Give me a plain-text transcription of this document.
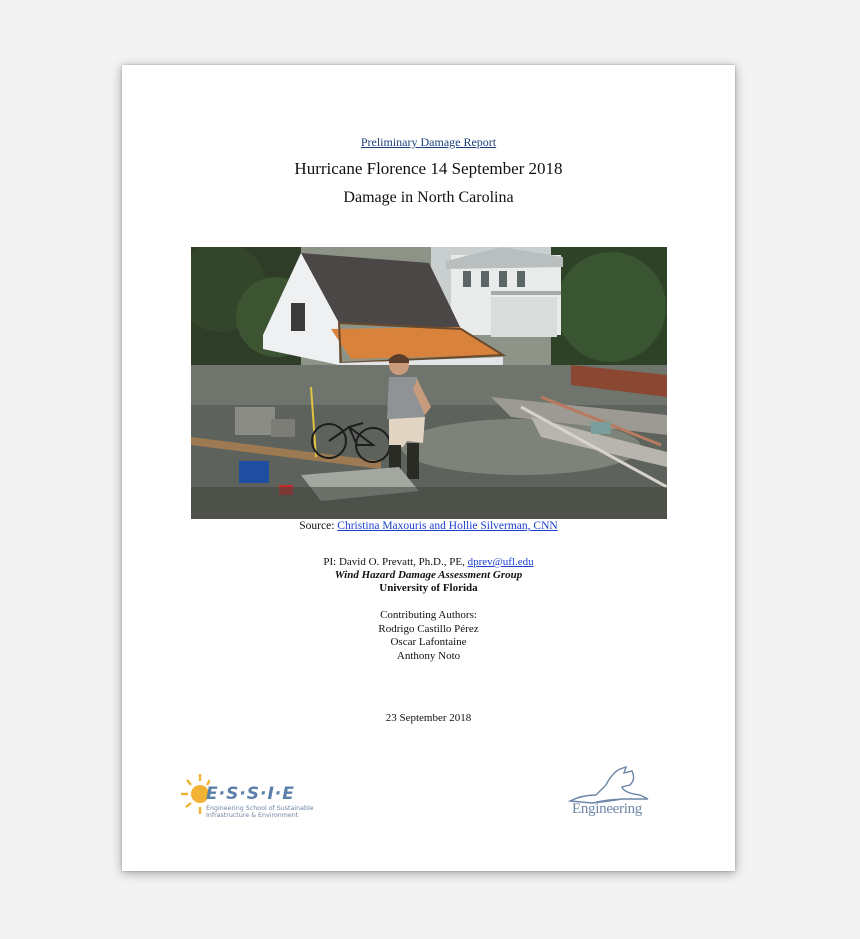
Preliminary Damage Report
Hurricane Florence 14 September 2018
Damage in North Carolina
Source: Christina Maxouris and Hollie Silverman, CNN
PI: David O. Prevatt, Ph.D., PE, dprev@ufl.edu
Wind Hazard Damage Assessment Group
University of Florida
Contributing Authors:
Rodrigo Castillo Pérez
Oscar Lafontaine
Anthony Noto
23 September 2018
E·S·S·I·E
Engineering School of Sustainable
Infrastructure & Environment	Engineering
